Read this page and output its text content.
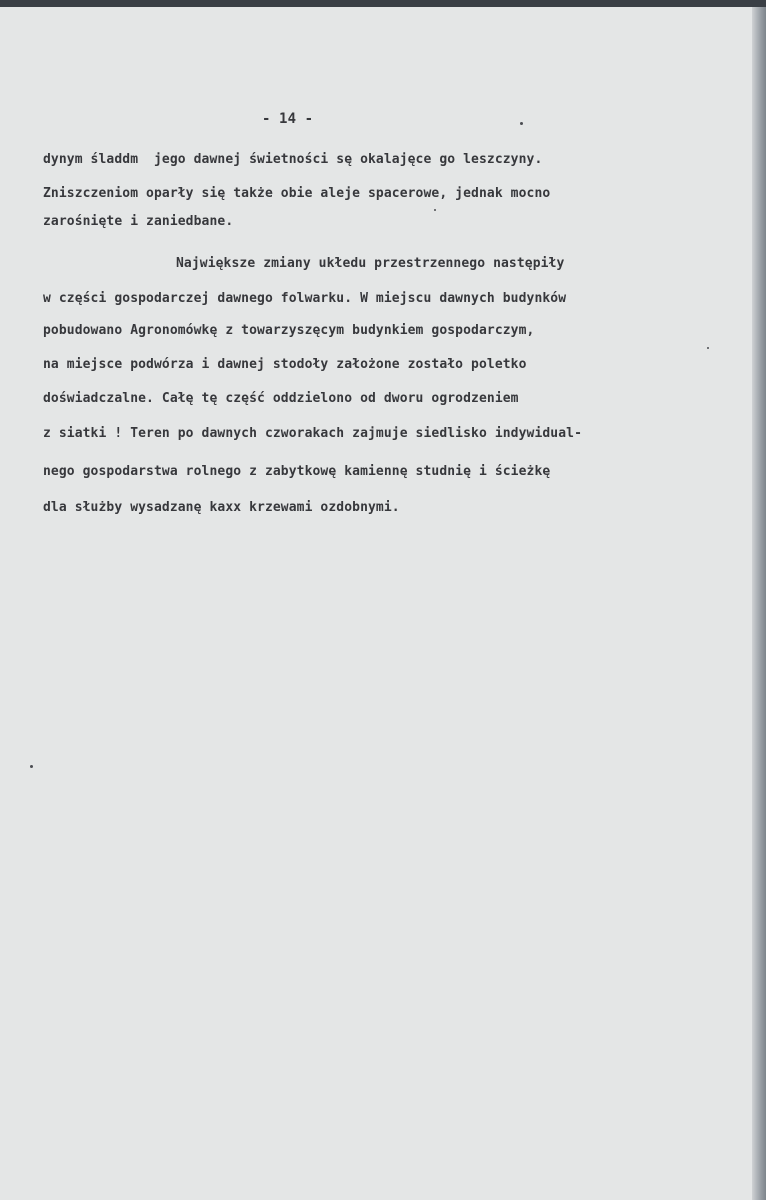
- 14 -
dynym śladdm  jego dawnej świetności sę okalajęce go leszczyny.
Zniszczeniom oparły się także obie aleje spacerowe, jednak mocno
zarośnięte i zaniedbane.
Największe zmiany ukłedu przestrzennego następiły
w części gospodarczej dawnego folwarku. W miejscu dawnych budynków
pobudowano Agronomówkę z towarzyszęcym budynkiem gospodarczym,
na miejsce podwórza i dawnej stodoły założone zostało poletko
doświadczalne. Całę tę część oddzielono od dworu ogrodzeniem
z siatki ! Teren po dawnych czworakach zajmuje siedlisko indywidual-
nego gospodarstwa rolnego z zabytkowę kamiennę studnię i ścieżkę
dla służby wysadzanę kaxx krzewami ozdobnymi.
